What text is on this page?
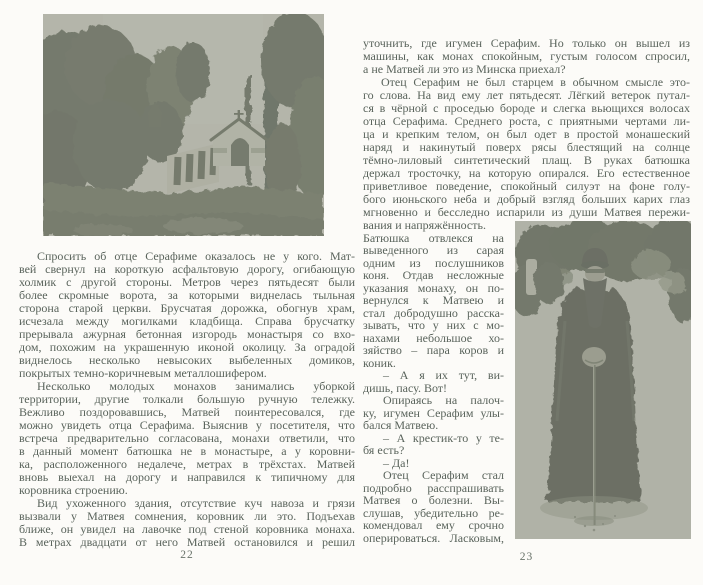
Спросить об отце Серафиме оказалось не у кого. Мат-
вей свернул на короткую асфальтовую дорогу, огибающую
холмик с другой стороны. Метров через пятьдесят были
более скромные ворота, за которыми виднелась тыльная
сторона старой церкви. Брусчатая дорожка, обогнув храм,
исчезала между могилками кладбища. Справа брусчатку
прерывала ажурная бетонная изгородь монастыря со вхо-
дом, похожим на украшенную иконой околицу. За оградой
виднелось несколько невысоких выбеленных домиков,
покрытых темно-коричневым металлошифером.
Несколько молодых монахов занимались уборкой
территории, другие толкали большую ручную тележку.
Вежливо поздоровавшись, Матвей поинтересовался, где
можно увидеть отца Серафима. Выяснив у посетителя, что
встреча предварительно согласована, монахи ответили, что
в данный момент батюшка не в монастыре, а у коровни-
ка, расположенного недалече, метрах в трёхстах. Матвей
вновь выехал на дорогу и направился к типичному для
коровника строению.
Вид ухоженного здания, отсутствие куч навоза и грязи
вызвали у Матвея сомнения, коровник ли это. Подъехав
ближе, он увидел на лавочке под стеной коровника монаха.
В метрах двадцати от него Матвей остановился и решил
22
уточнить, где игумен Серафим. Но только он вышел из
машины, как монах спокойным, густым голосом спросил,
а не Матвей ли это из Минска приехал?
Отец Серафим не был старцем в обычном смысле это-
го слова. На вид ему лет пятьдесят. Лёгкий ветерок путал-
ся в чёрной с проседью бороде и слегка вьющихся волосах
отца Серафима. Среднего роста, с приятными чертами ли-
ца и крепким телом, он был одет в простой монашеский
наряд и накинутый поверх рясы блестящий на солнце
тёмно-лиловый синтетический плащ. В руках батюшка
держал тросточку, на которую опирался. Его естественное
приветливое поведение, спокойный силуэт на фоне голу-
бого июньского неба и добрый взгляд больших карих глаз
мгновенно и бесследно испарили из души Матвея пережи-
вания и напряжённость.
Батюшка отвлекся на
выведенного из сарая
одним из послушников
коня. Отдав несложные
указания монаху, он по-
вернулся к Матвею и
стал добродушно расска-
зывать, что у них с мо-
нахами небольшое хо-
зяйство – пара коров и
коник.
– А я их тут, ви-
дишь, пасу. Вот!
Опираясь на палоч-
ку, игумен Серафим улы-
бался Матвею.
– А крестик-то у те-
бя есть?
– Да!
Отец Серафим стал
подробно расспрашивать
Матвея о болезни. Вы-
слушав, убедительно ре-
комендовал ему срочно
оперироваться. Ласковым,
23
